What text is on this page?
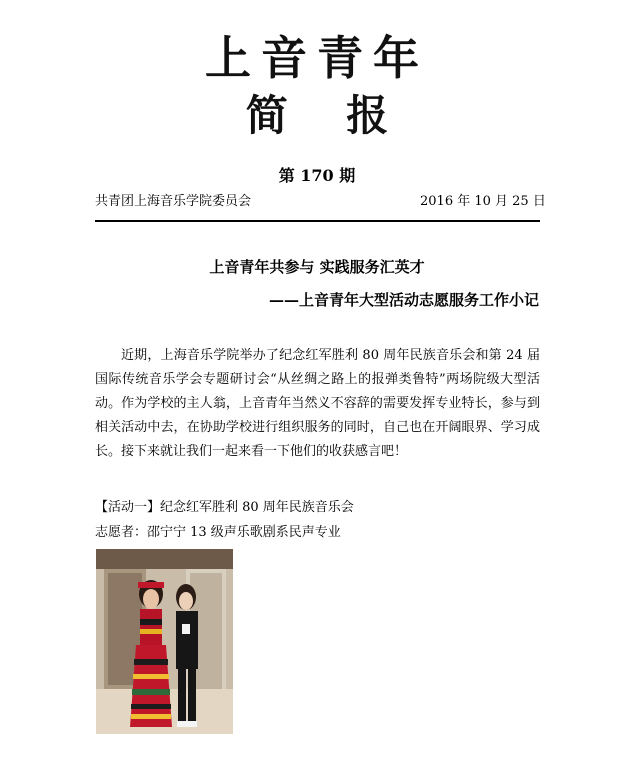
上音青年
简 报
第 170 期
共青团上海音乐学院委员会	2016 年 10 月 25 日
上音青年共参与 实践服务汇英才
——上音青年大型活动志愿服务工作小记

近期，上海音乐学院举办了纪念红军胜利 80 周年民族音乐会和第 24 届国际传统音乐学会专题研讨会“从丝绸之路上的报弹类鲁特”两场院级大型活动。作为学校的主人翁，上音青年当然义不容辞的需要发挥专业特长，参与到相关活动中去，在协助学校进行组织服务的同时，自己也在开阔眼界、学习成长。接下来就让我们一起来看一下他们的收获感言吧！

【活动一】纪念红军胜利 80 周年民族音乐会
志愿者：邵宁宁 13 级声乐歌剧系民声专业
